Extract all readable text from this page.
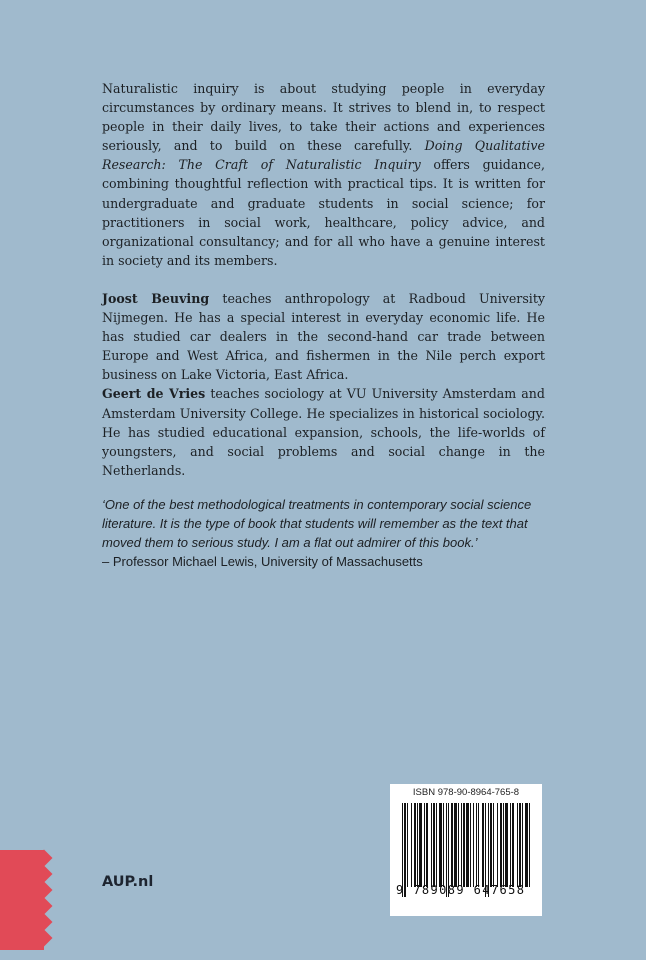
Naturalistic inquiry is about studying people in everyday circumstances by ordinary means. It strives to blend in, to respect people in their daily lives, to take their actions and experiences seriously, and to build on these carefully. Doing Qualitative Research: The Craft of Naturalistic Inquiry offers guidance, combining thoughtful reflection with practical tips. It is written for undergraduate and graduate students in social science; for practitioners in social work, healthcare, policy advice, and organizational consultancy; and for all who have a genuine interest in society and its members.

Joost Beuving teaches anthropology at Radboud University Nijmegen. He has a special interest in everyday economic life. He has studied car dealers in the second-hand car trade between Europe and West Africa, and fishermen in the Nile perch export business on Lake Victoria, East Africa.

Geert de Vries teaches sociology at VU University Amsterdam and Amsterdam University College. He specializes in historical sociology. He has studied educational expansion, schools, the life-worlds of youngsters, and social problems and social change in the Netherlands.

‘One of the best methodological treatments in contemporary social science literature. It is the type of book that students will remember as the text that moved them to serious study. I am a flat out admirer of this book.’

– Professor Michael Lewis, University of Massachusetts

AUP.nl
ISBN 978-90-8964-765-8
9 789089 647658
